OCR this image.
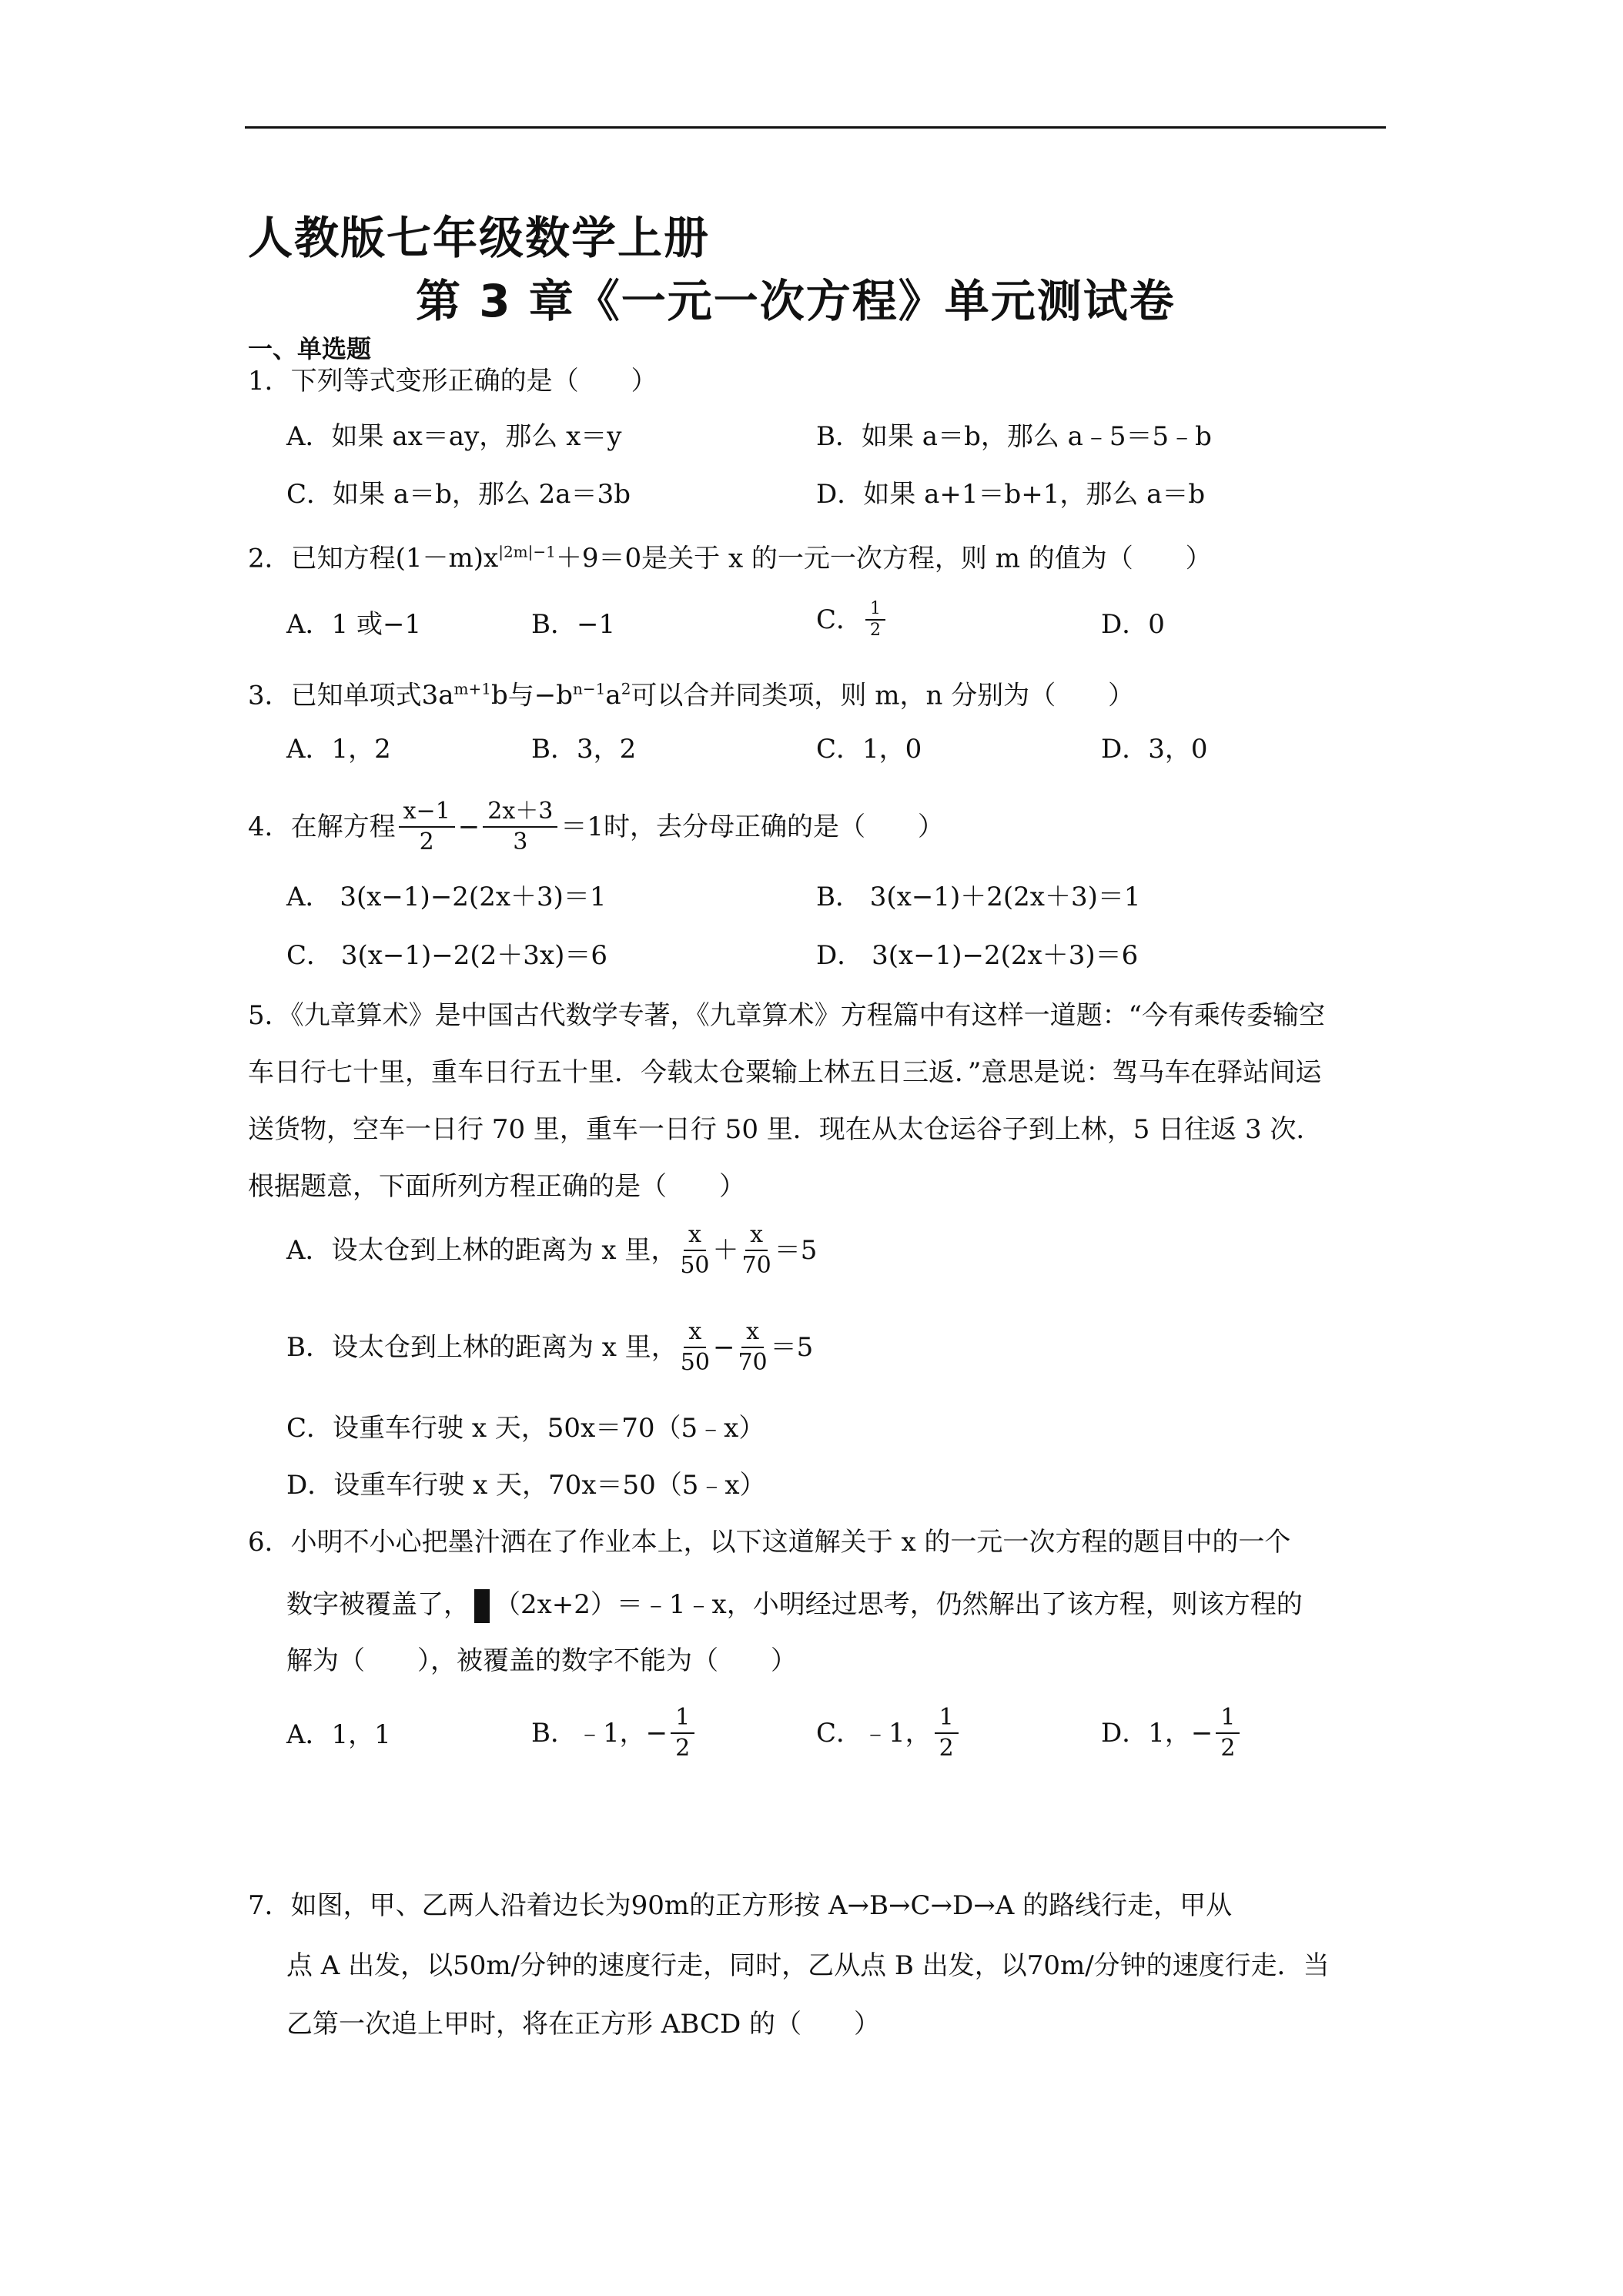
人教版七年级数学上册
第 3 章《一元一次方程》单元测试卷
一、单选题
1．下列等式变形正确的是（　　）
A．如果 ax＝ay，那么 x＝y	B．如果 a＝b，那么 a﹣5＝5﹣b
C．如果 a＝b，那么 2a＝3b	D．如果 a+1＝b+1，那么 a＝b
2．已知方程$(1-m)x^{|2m|-1}+9=0$是关于 x 的一元一次方程，则 m 的值为（　　）
A．1 或−1	B．−1	C． $\frac{1}{2}$	D．0
3．已知单项式$3a^{m+1}b$与$-b^{n-1}a^2$可以合并同类项，则 m，n 分别为（　　）
A．1，2	B．3，2	C．1，0	D．3，0
4．在解方程 $\frac{x-1}{2} - \frac{2x+3}{3} =1$时，去分母正确的是（　　）
A． 3(x−1)−2(2x＋3)＝1	B． 3(x−1)＋2(2x＋3)＝1
C． 3(x−1)−2(2＋3x)＝6	D． 3(x−1)−2(2x＋3)＝6
5．《九章算术》是中国古代数学专著，《九章算术》方程篇中有这样一道题：“今有乘传委输空车日行七十里，重车日行五十里．今载太仓粟输上林五日三返．”意思是说：驾马车在驿站间运送货物，空车一日行 70 里，重车一日行 50 里．现在从太仓运谷子到上林，5 日往返 3 次．根据题意，下面所列方程正确的是（　　）
A．设太仓到上林的距离为 x 里， $\frac{x}{50} + \frac{x}{70} =5$
B．设太仓到上林的距离为 x 里， $\frac{x}{50} - \frac{x}{70} =5$
C．设重车行驶 x 天，50x＝70（5﹣x）
D．设重车行驶 x 天，70x＝50（5﹣x）
6．小明不小心把墨汁洒在了作业本上，以下这道解关于 x 的一元一次方程的题目中的一个
数字被覆盖了， （2x+2）＝﹣1﹣x，小明经过思考，仍然解出了该方程，则该方程的
解为（　　），被覆盖的数字不能为（　　）
A．1，1	B．﹣1，− $\frac{1}{2}$	C．﹣1， $\frac{1}{2}$	D．1，− $\frac{1}{2}$
7．如图，甲、乙两人沿着边长为90m的正方形按 A→B→C→D→A 的路线行走，甲从
点 A 出发，以50m/分钟的速度行走，同时，乙从点 B 出发，以70m/分钟的速度行走．当
乙第一次追上甲时，将在正方形 ABCD 的（　　）
